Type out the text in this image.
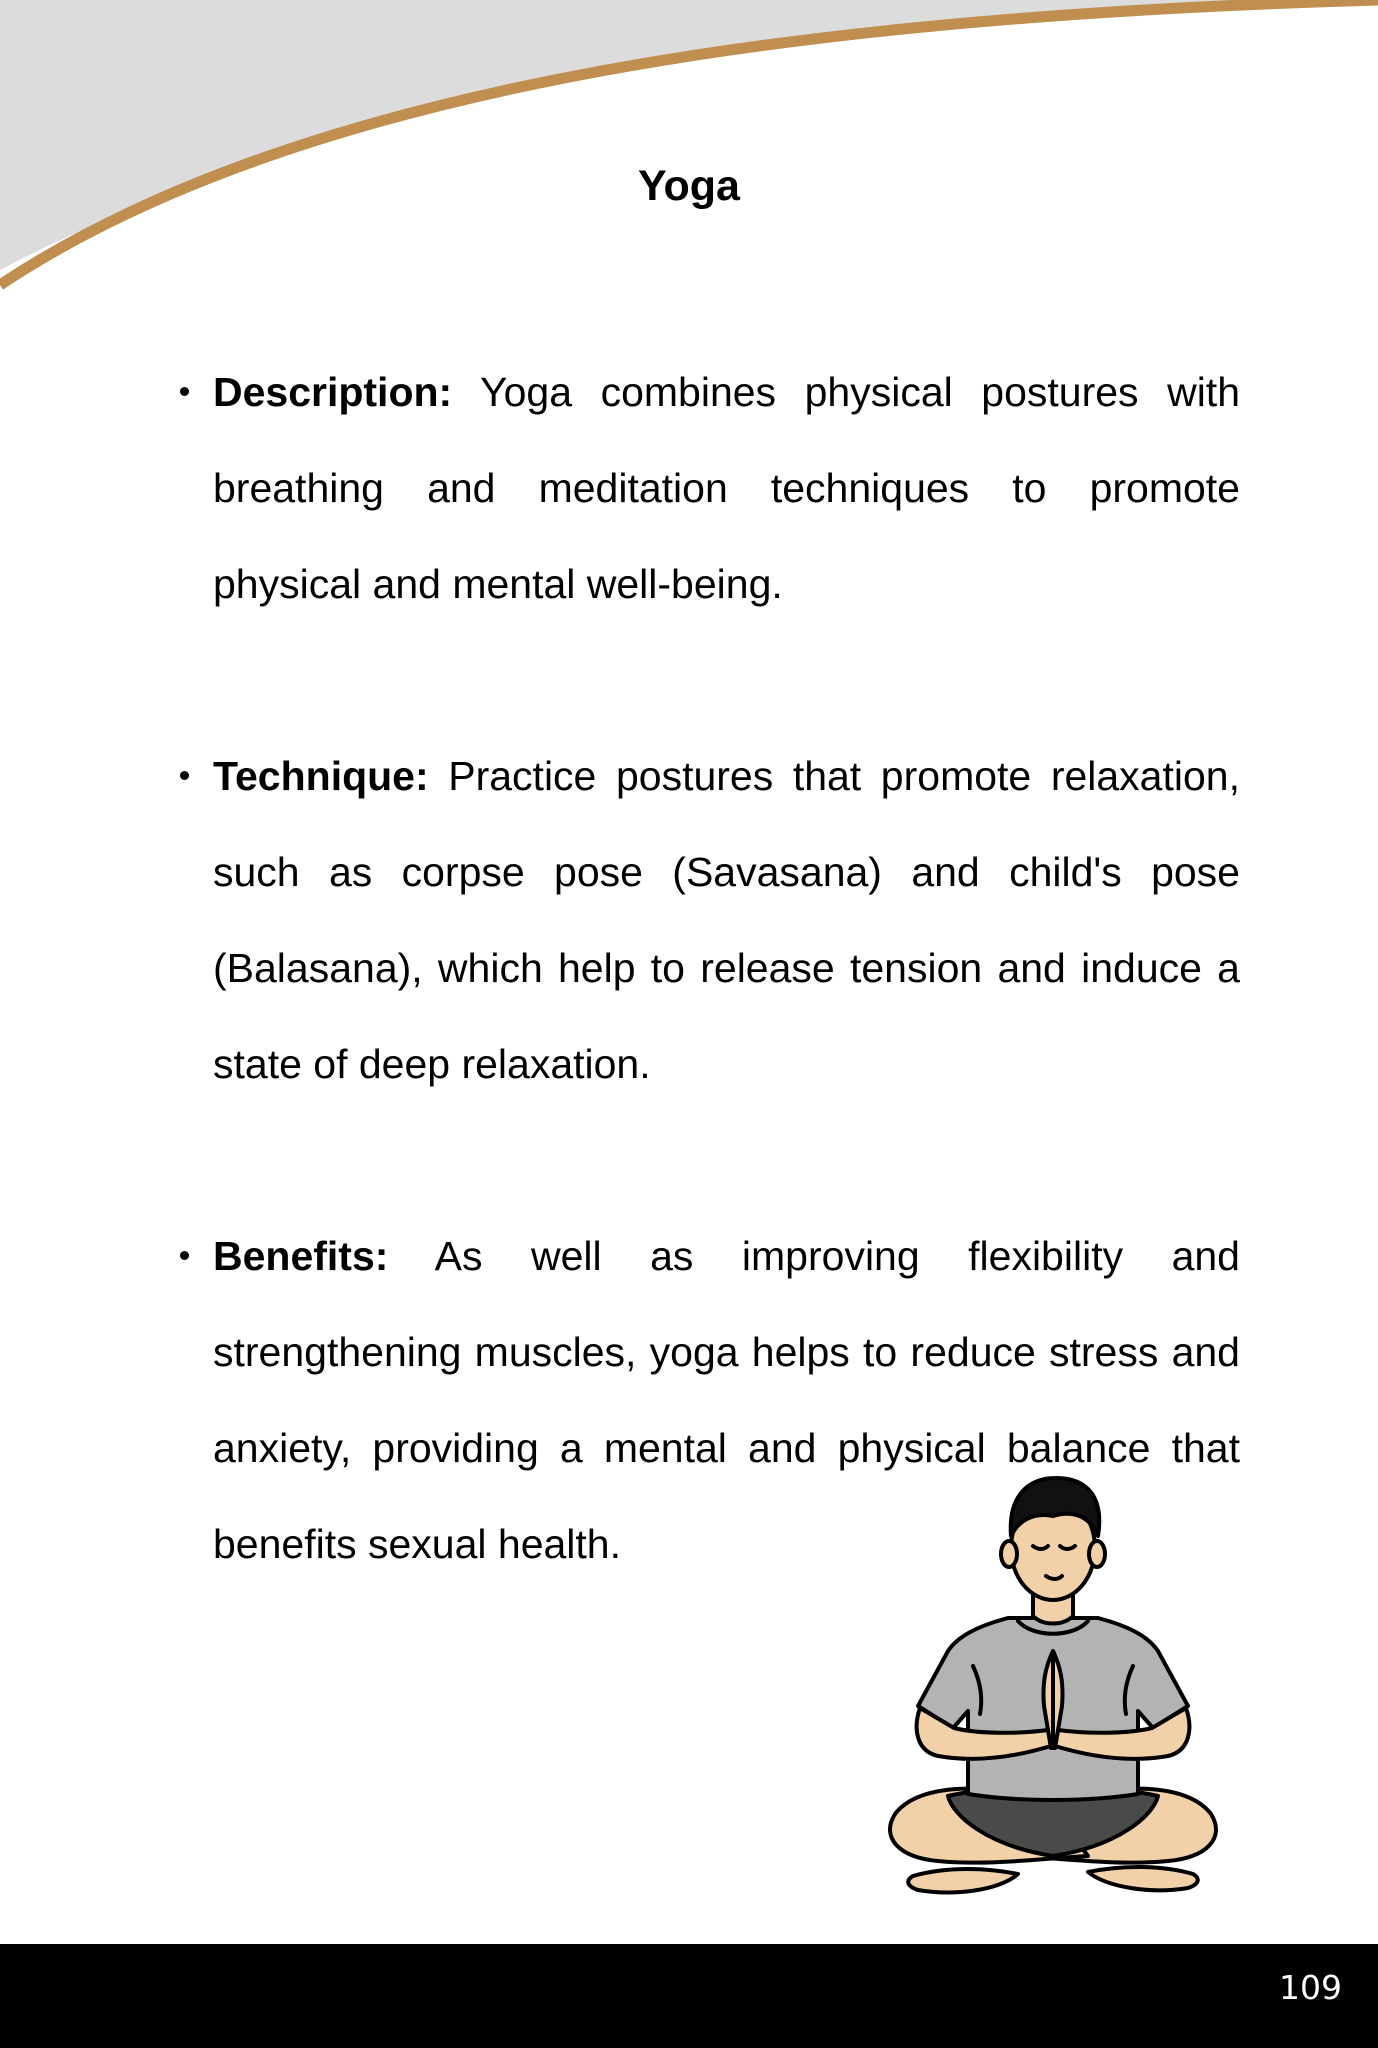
Yoga
Description: Yoga combines physical postures with breathing and meditation techniques to promote physical and mental well-being.
Technique: Practice postures that promote relaxation, such as corpse pose (Savasana) and child's pose (Balasana), which help to release tension and induce a state of deep relaxation.
Benefits: As well as improving flexibility and strengthening muscles, yoga helps to reduce stress and anxiety, providing a mental and physical balance that benefits sexual health.
109
